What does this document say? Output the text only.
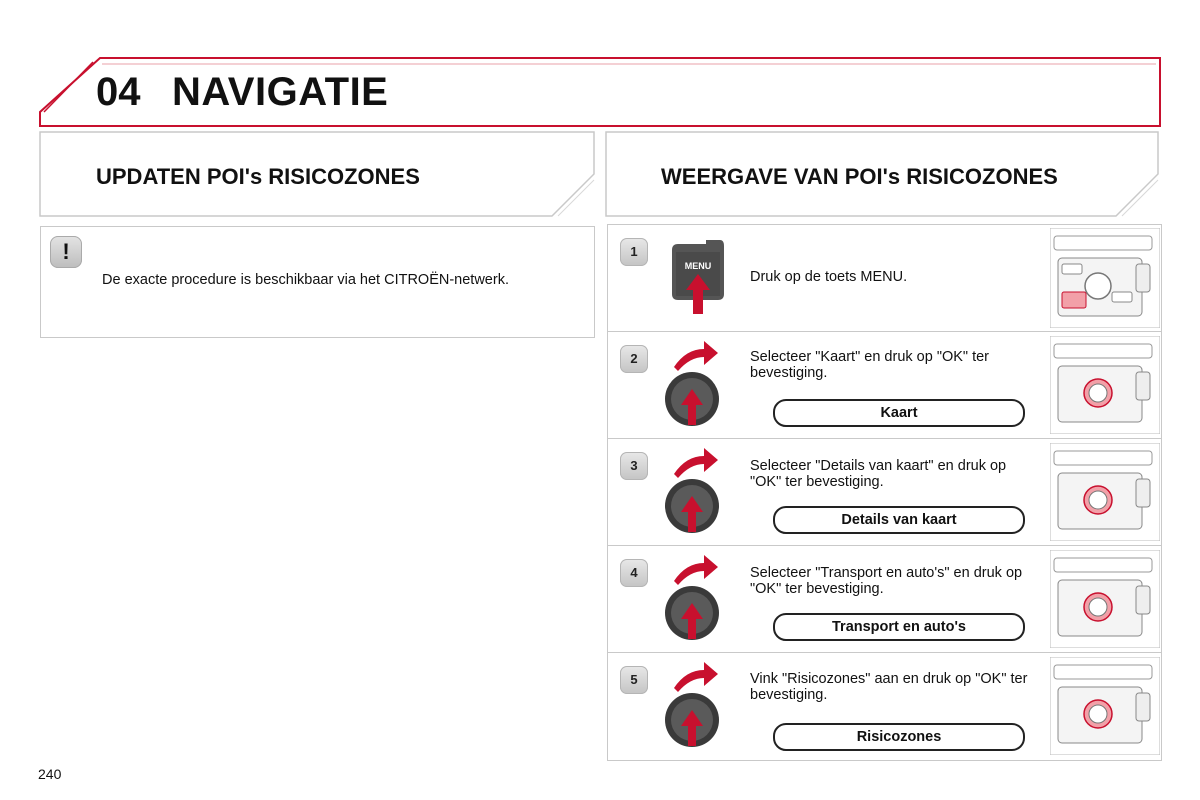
04 NAVIGATIE
UPDATEN POI's RISICOZONES
!
De exacte procedure is beschikbaar via het CITROËN-netwerk.
WEERGAVE VAN POI's RISICOZONES
1
MENU
Druk op de toets MENU.
2	Selecteer "Kaart" en druk op "OK" ter bevestiging.
Kaart
3	Selecteer "Details van kaart" en druk op "OK" ter bevestiging.
Details van kaart
4	Selecteer "Transport en auto's" en druk op "OK" ter bevestiging.
Transport en auto's
5	Vink "Risicozones" aan en druk op "OK" ter bevestiging.
Risicozones
240
